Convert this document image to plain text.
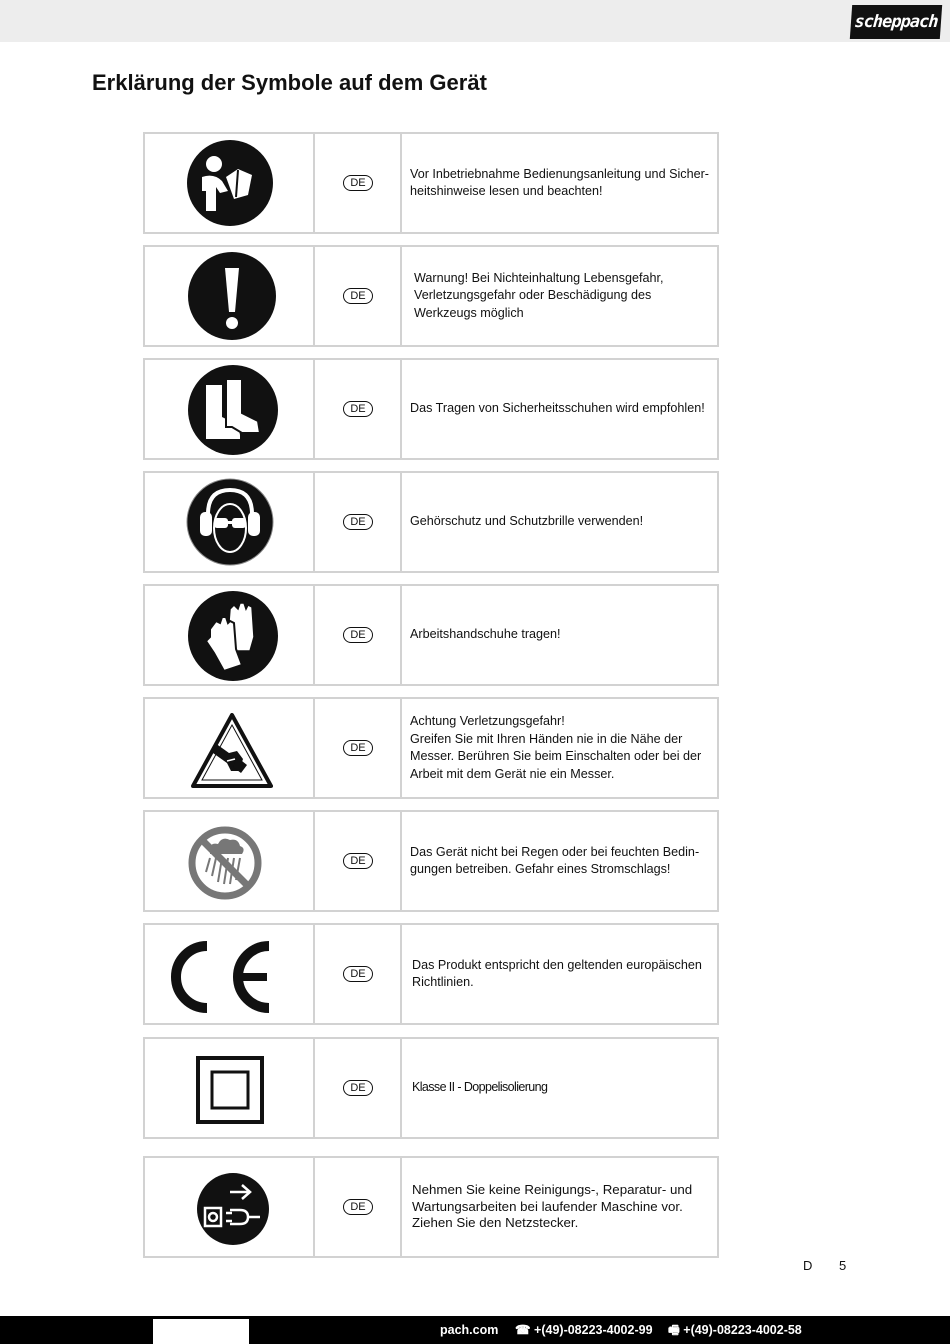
scheppach
Erklärung der Symbole auf dem Gerät
DE
Vor Inbetriebnahme Bedienungsanleitung und Sicher-
heitshinweise lesen und beachten!
DE
Warnung! Bei Nichteinhaltung Lebensgefahr,
Verletzungsgefahr oder Beschädigung des
Werkzeugs möglich
DE	Das Tragen von Sicherheitsschuhen wird empfohlen!
DE	Gehörschutz und Schutzbrille verwenden!
DE	Arbeitshandschuhe tragen!
DE
Achtung Verletzungsgefahr!
Greifen Sie mit Ihren Händen nie in die Nähe der
Messer. Berühren Sie beim Einschalten oder bei der
Arbeit mit dem Gerät nie ein Messer.
DE
Das Gerät nicht bei Regen oder bei feuchten Bedin-
gungen betreiben. Gefahr eines Stromschlags!
DE
Das Produkt entspricht den geltenden europäischen
Richtlinien.
DE	Klasse II - Doppelisolierung
DE
Nehmen Sie keine Reinigungs-, Reparatur- und
Wartungsarbeiten bei laufender Maschine vor.
Ziehen Sie den Netzstecker.
D 5
pach.com ☎ +(49)-08223-4002-99 🖷 +(49)-08223-4002-58
